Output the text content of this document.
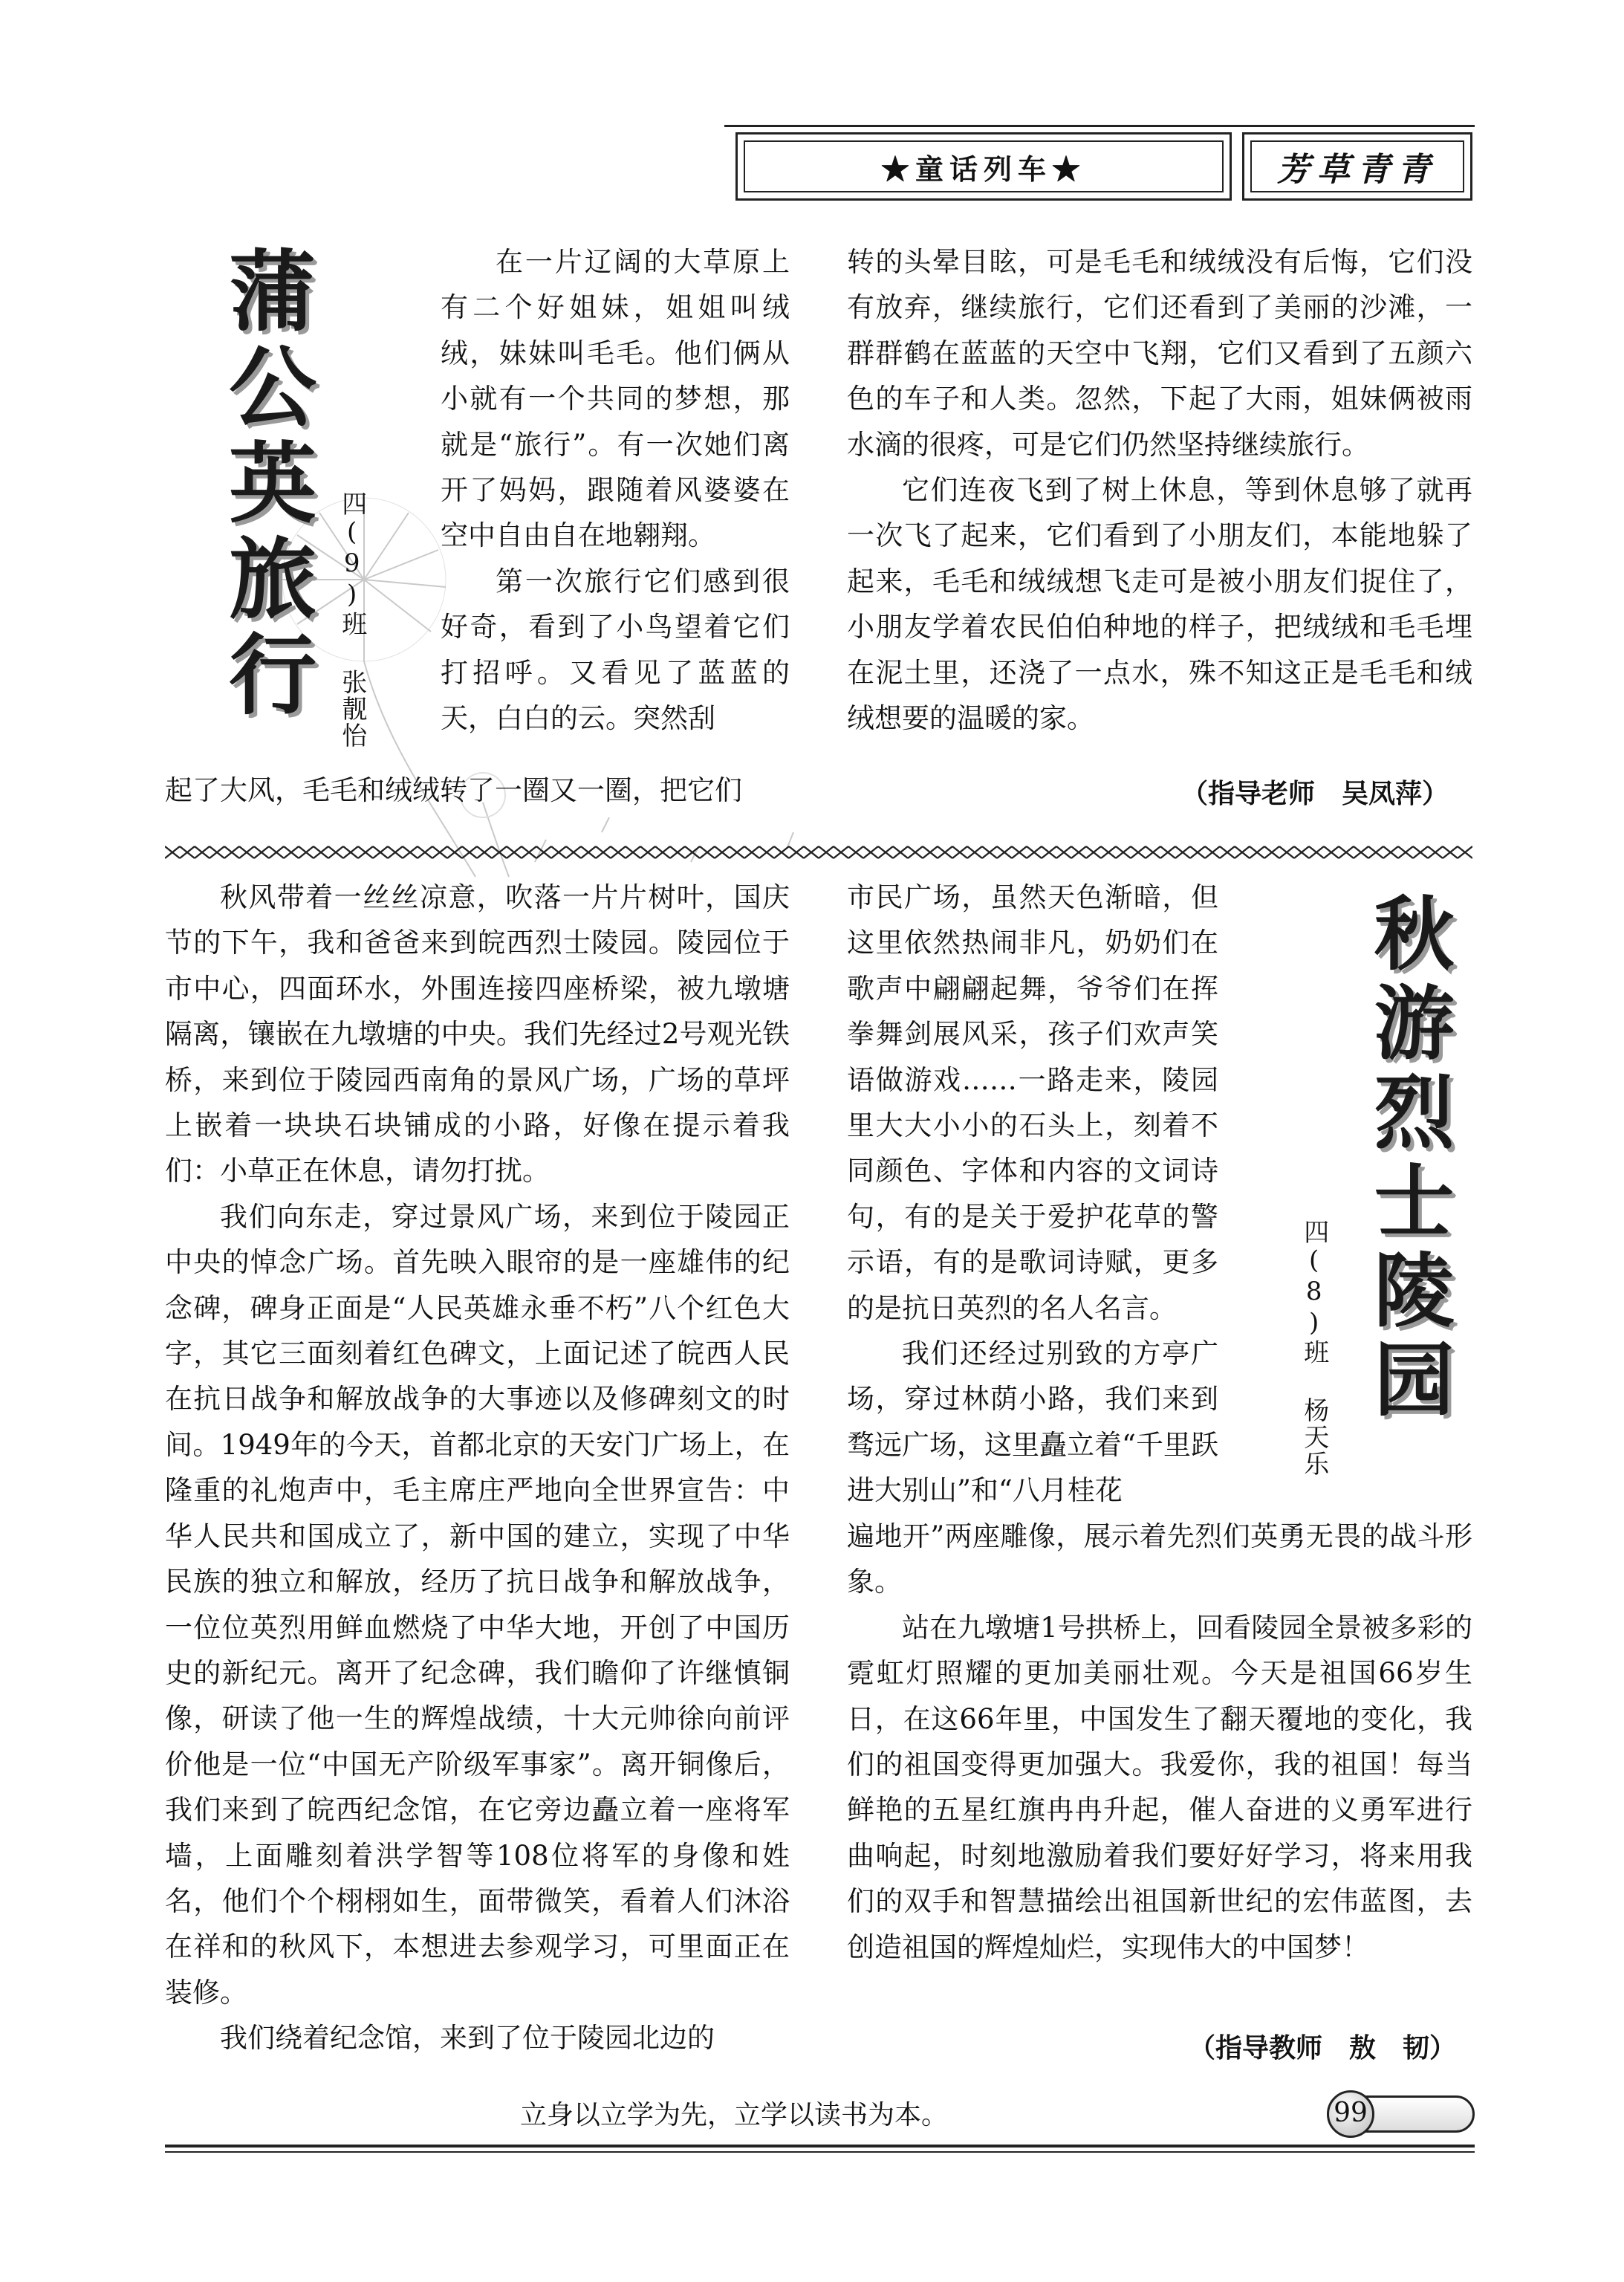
★童话列车★	芳草青青
蒲公英旅行 四(9)班 张靓怡

在一片辽阔的大草原上有二个好姐妹，姐姐叫绒绒，妹妹叫毛毛。他们俩从小就有一个共同的梦想，那就是“旅行”。有一次她们离开了妈妈，跟随着风婆婆在空中自由自在地翱翔。

第一次旅行它们感到很好奇，看到了小鸟望着它们打招呼。又看见了蓝蓝的天，白白的云。突然刮

起了大风，毛毛和绒绒转了一圈又一圈，把它们

转的头晕目眩，可是毛毛和绒绒没有后悔，它们没有放弃，继续旅行，它们还看到了美丽的沙滩，一群群鹤在蓝蓝的天空中飞翔，它们又看到了五颜六色的车子和人类。忽然，下起了大雨，姐妹俩被雨水滴的很疼，可是它们仍然坚持继续旅行。

它们连夜飞到了树上休息，等到休息够了就再一次飞了起来，它们看到了小朋友们，本能地躲了起来，毛毛和绒绒想飞走可是被小朋友们捉住了，小朋友学着农民伯伯种地的样子，把绒绒和毛毛埋在泥土里，还浇了一点水，殊不知这正是毛毛和绒绒想要的温暖的家。

（指导老师　吴凤萍）

秋风带着一丝丝凉意，吹落一片片树叶，国庆节的下午，我和爸爸来到皖西烈士陵园。陵园位于市中心，四面环水，外围连接四座桥梁，被九墩塘隔离，镶嵌在九墩塘的中央。我们先经过2号观光铁桥，来到位于陵园西南角的景风广场，广场的草坪上嵌着一块块石块铺成的小路，好像在提示着我们：小草正在休息，请勿打扰。

我们向东走，穿过景风广场，来到位于陵园正中央的悼念广场。首先映入眼帘的是一座雄伟的纪念碑，碑身正面是“人民英雄永垂不朽”八个红色大字，其它三面刻着红色碑文，上面记述了皖西人民在抗日战争和解放战争的大事迹以及修碑刻文的时间。1949年的今天，首都北京的天安门广场上，在隆重的礼炮声中，毛主席庄严地向全世界宣告：中华人民共和国成立了，新中国的建立，实现了中华民族的独立和解放，经历了抗日战争和解放战争，一位位英烈用鲜血燃烧了中华大地，开创了中国历史的新纪元。离开了纪念碑，我们瞻仰了许继慎铜像，研读了他一生的辉煌战绩，十大元帅徐向前评价他是一位“中国无产阶级军事家”。离开铜像后，我们来到了皖西纪念馆，在它旁边矗立着一座将军墙，上面雕刻着洪学智等108位将军的身像和姓名，他们个个栩栩如生，面带微笑，看着人们沐浴在祥和的秋风下，本想进去参观学习，可里面正在装修。

我们绕着纪念馆，来到了位于陵园北边的

市民广场，虽然天色渐暗，但这里依然热闹非凡，奶奶们在歌声中翩翩起舞，爷爷们在挥拳舞剑展风采，孩子们欢声笑语做游戏……一路走来，陵园里大大小小的石头上，刻着不同颜色、字体和内容的文词诗句，有的是关于爱护花草的警示语，有的是歌词诗赋，更多的是抗日英烈的名人名言。

我们还经过别致的方亭广场，穿过林荫小路，我们来到骛远广场，这里矗立着“千里跃进大别山”和“八月桂花

四(8)班 杨天乐 秋游烈士陵园

遍地开”两座雕像，展示着先烈们英勇无畏的战斗形象。

站在九墩塘1号拱桥上，回看陵园全景被多彩的霓虹灯照耀的更加美丽壮观。今天是祖国66岁生日，在这66年里，中国发生了翻天覆地的变化，我们的祖国变得更加强大。我爱你，我的祖国！每当鲜艳的五星红旗冉冉升起，催人奋进的义勇军进行曲响起，时刻地激励着我们要好好学习，将来用我们的双手和智慧描绘出祖国新世纪的宏伟蓝图，去创造祖国的辉煌灿烂，实现伟大的中国梦！

（指导教师　敖　韧）
立身以立学为先，立学以读书为本。	99
